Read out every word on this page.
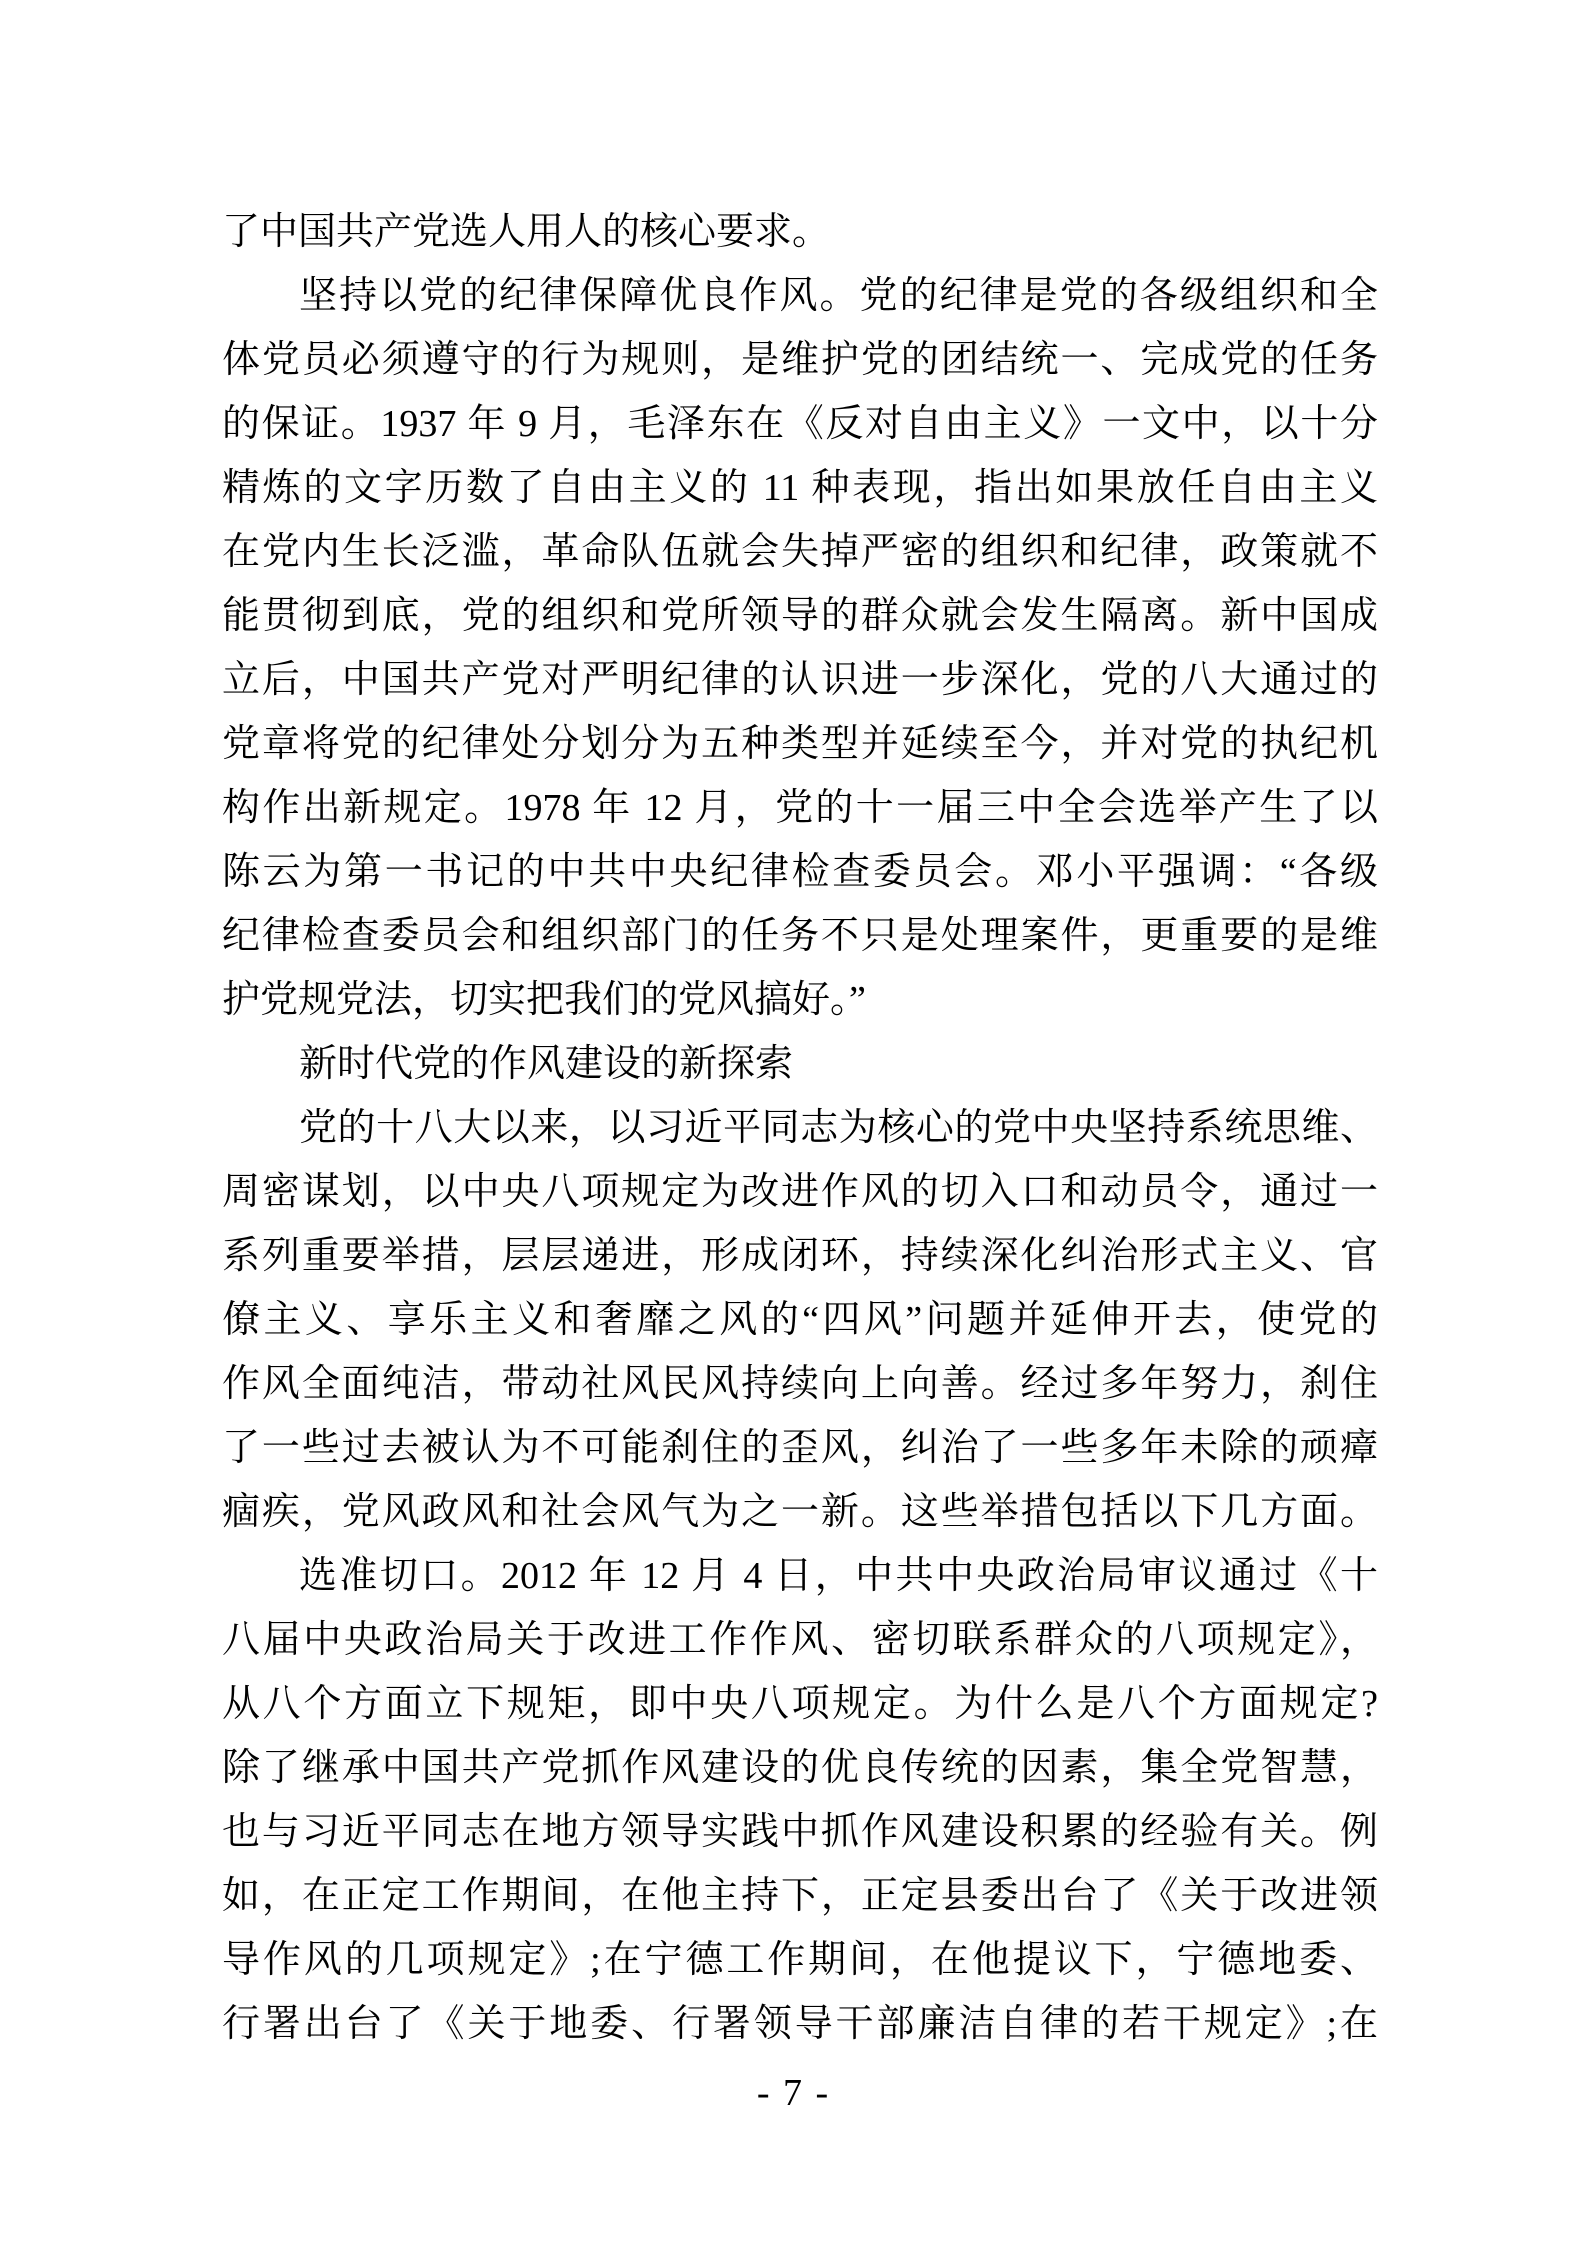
了中国共产党选人用人的核心要求。
坚持以党的纪律保障优良作风。党的纪律是党的各级组织和全
体党员必须遵守的行为规则，是维护党的团结统一、完成党的任务
的保证。1937 年 9 月，毛泽东在《反对自由主义》一文中，以十分
精炼的文字历数了自由主义的 11 种表现，指出如果放任自由主义
在党内生长泛滥，革命队伍就会失掉严密的组织和纪律，政策就不
能贯彻到底，党的组织和党所领导的群众就会发生隔离。新中国成
立后，中国共产党对严明纪律的认识进一步深化，党的八大通过的
党章将党的纪律处分划分为五种类型并延续至今，并对党的执纪机
构作出新规定。1978 年 12 月，党的十一届三中全会选举产生了以
陈云为第一书记的中共中央纪律检查委员会。邓小平强调：“各级
纪律检查委员会和组织部门的任务不只是处理案件，更重要的是维
护党规党法，切实把我们的党风搞好。”
新时代党的作风建设的新探索
党的十八大以来，以习近平同志为核心的党中央坚持系统思维、
周密谋划，以中央八项规定为改进作风的切入口和动员令，通过一
系列重要举措，层层递进，形成闭环，持续深化纠治形式主义、官
僚主义、享乐主义和奢靡之风的“四风”问题并延伸开去，使党的
作风全面纯洁，带动社风民风持续向上向善。经过多年努力，刹住
了一些过去被认为不可能刹住的歪风，纠治了一些多年未除的顽瘴
痼疾，党风政风和社会风气为之一新。这些举措包括以下几方面。
选准切口。2012 年 12 月 4 日，中共中央政治局审议通过《十
八届中央政治局关于改进工作作风、密切联系群众的八项规定》，
从八个方面立下规矩，即中央八项规定。为什么是八个方面规定?
除了继承中国共产党抓作风建设的优良传统的因素，集全党智慧，
也与习近平同志在地方领导实践中抓作风建设积累的经验有关。例
如，在正定工作期间，在他主持下，正定县委出台了《关于改进领
导作风的几项规定》;在宁德工作期间，在他提议下，宁德地委、
行署出台了《关于地委、行署领导干部廉洁自律的若干规定》;在
- 7 -
